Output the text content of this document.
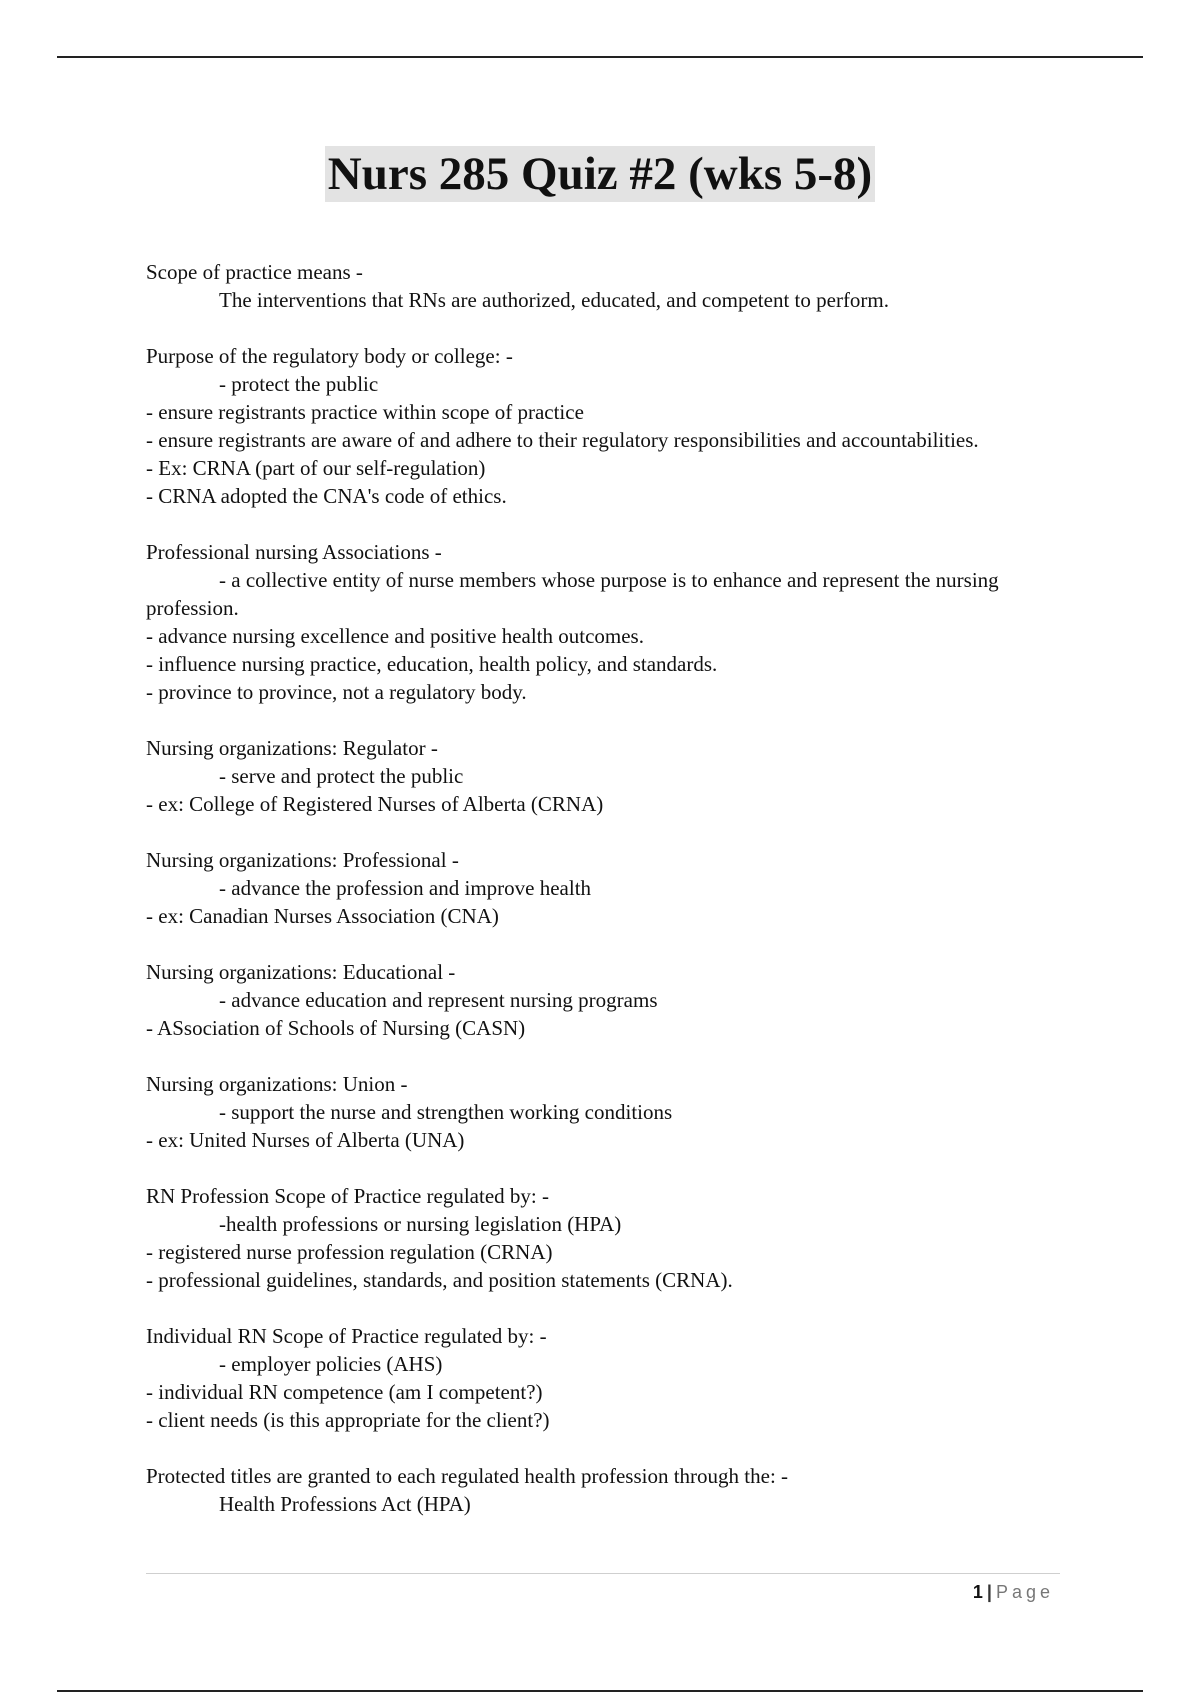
Nurs 285 Quiz #2 (wks 5-8)
Scope of practice means -
The interventions that RNs are authorized, educated, and competent to perform.
Purpose of the regulatory body or college: -
- protect the public
- ensure registrants practice within scope of practice
- ensure registrants are aware of and adhere to their regulatory responsibilities and accountabilities.
- Ex: CRNA (part of our self-regulation)
- CRNA adopted the CNA's code of ethics.
Professional nursing Associations -
- a collective entity of nurse members whose purpose is to enhance and represent the nursing profession.
- advance nursing excellence and positive health outcomes.
- influence nursing practice, education, health policy, and standards.
- province to province, not a regulatory body.
Nursing organizations: Regulator -
- serve and protect the public
- ex: College of Registered Nurses of Alberta (CRNA)
Nursing organizations: Professional -
- advance the profession and improve health
- ex: Canadian Nurses Association (CNA)
Nursing organizations: Educational -
- advance education and represent nursing programs
- ASsociation of Schools of Nursing (CASN)
Nursing organizations: Union -
- support the nurse and strengthen working conditions
- ex: United Nurses of Alberta (UNA)
RN Profession Scope of Practice regulated by: -
-health professions or nursing legislation (HPA)
- registered nurse profession regulation (CRNA)
- professional guidelines, standards, and position statements (CRNA).
Individual RN Scope of Practice regulated by: -
- employer policies (AHS)
- individual RN competence (am I competent?)
- client needs (is this appropriate for the client?)
Protected titles are granted to each regulated health profession through the: -
Health Professions Act (HPA)
1 | Page
